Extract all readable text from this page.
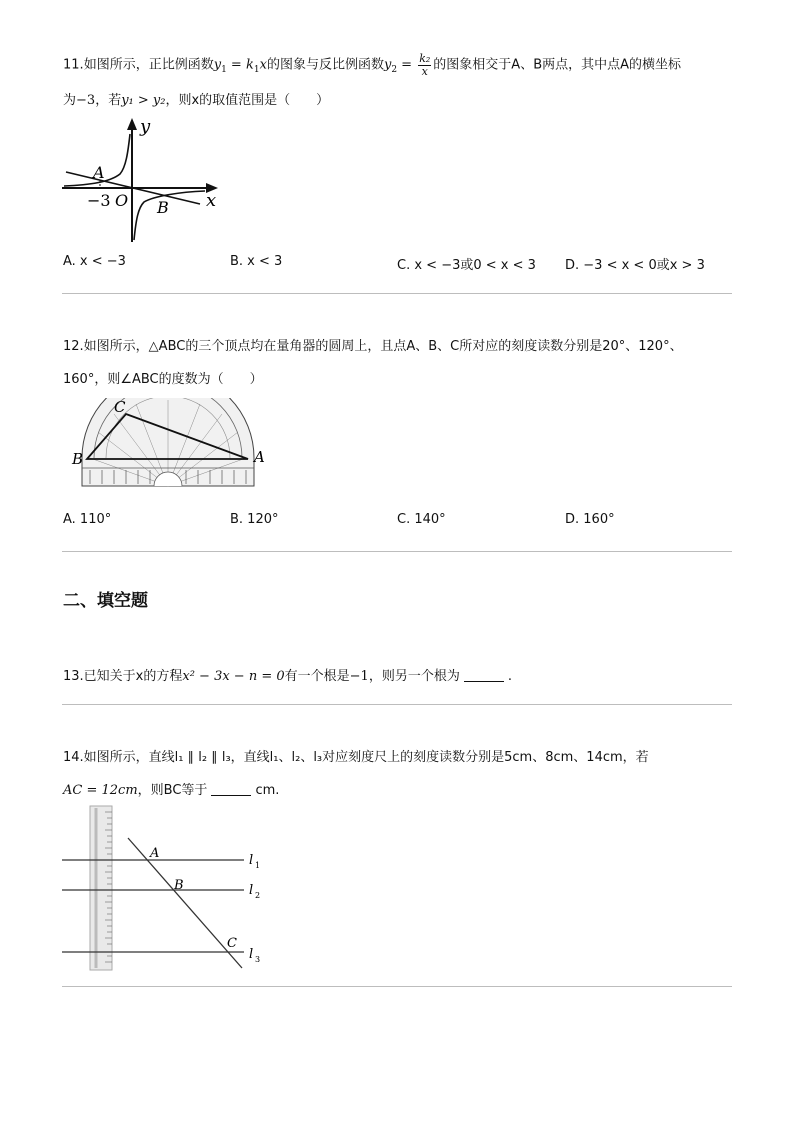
11.如图所示，正比例函数$y_1 = k_1x$的图象与反比例函数$y_2 = \frac{\text{k₂}}{x}$ 的图象相交于A、B两点，其中点A的横坐标
为−3，若y₁ > y₂，则x的取值范围是（　　）
y
x
A
B
O
−3
A. x < −3	B. x < 3	C. x < −3或0 < x < 3 D. −3 < x < 0或x > 3
12.如图所示，△ABC的三个顶点均在量角器的圆周上，且点A、B、C所对应的刻度读数分别是20°、120°、
160°，则∠ABC的度数为（　　）
B
C
A
A. 110°	B. 120°	C. 140°	D. 160°
二、填空题
13.已知关于x的方程x² − 3x − n = 0有一个根是−1，则另一个根为	.
14.如图所示，直线l₁ ∥ l₂ ∥ l₃，直线l₁、l₂、l₃对应刻度尺上的刻度读数分别是5cm、8cm、14cm，若
AC = 12cm，则BC等于	cm.
A
B
C
l 1
l 2
l 3
